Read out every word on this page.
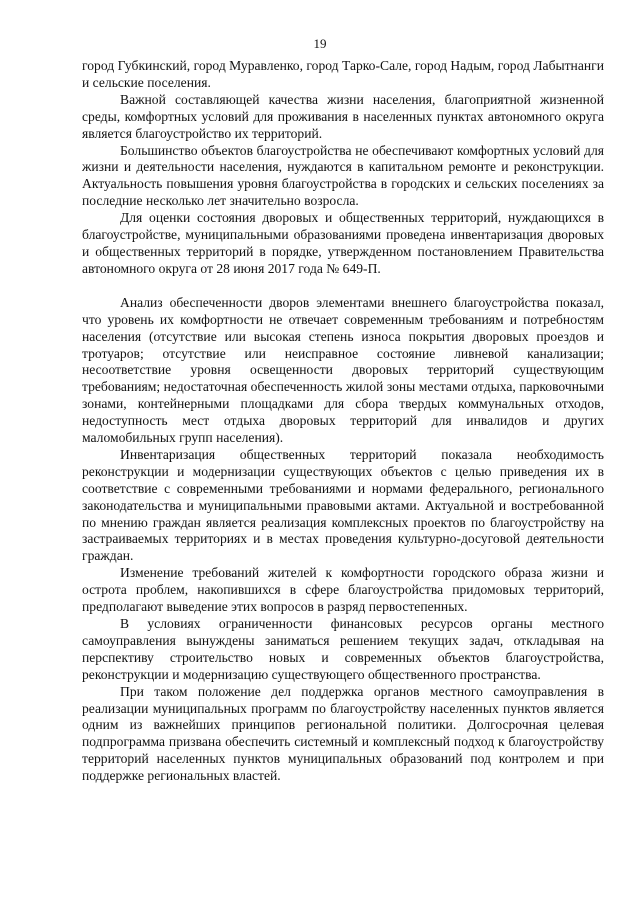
19

город Губкинский, город Муравленко, город Тарко-Сале, город Надым, город Лабытнанги и сельские поселения.

Важной составляющей качества жизни населения, благоприятной жизненной среды, комфортных условий для проживания в населенных пунктах автономного округа является благоустройство их территорий.

Большинство объектов благоустройства не обеспечивают комфортных условий для жизни и деятельности населения, нуждаются в капитальном ремонте и реконструкции. Актуальность повышения уровня благоустройства в городских и сельских поселениях за последние несколько лет значительно возросла.

Для оценки состояния дворовых и общественных территорий, нуждающихся в благоустройстве, муниципальными образованиями проведена инвентаризация дворовых и общественных территорий в порядке, утвержденном постановлением Правительства автономного округа от 28 июня 2017 года № 649-П.

Анализ обеспеченности дворов элементами внешнего благоустройства показал, что уровень их комфортности не отвечает современным требованиям и потребностям населения (отсутствие или высокая степень износа покрытия дворовых проездов и тротуаров; отсутствие или неисправное состояние ливневой канализации; несоответствие уровня освещенности дворовых территорий существующим требованиям; недостаточная обеспеченность жилой зоны местами отдыха, парковочными зонами, контейнерными площадками для сбора твердых коммунальных отходов, недоступность мест отдыха дворовых территорий для инвалидов и других маломобильных групп населения).

Инвентаризация общественных территорий показала необходимость реконструкции и модернизации существующих объектов с целью приведения их в соответствие с современными требованиями и нормами федерального, регионального законодательства и муниципальными правовыми актами. Актуальной и востребованной по мнению граждан является реализация комплексных проектов по благоустройству на застраиваемых территориях и в местах проведения культурно-досуговой деятельности граждан.

Изменение требований жителей к комфортности городского образа жизни и острота проблем, накопившихся в сфере благоустройства придомовых территорий, предполагают выведение этих вопросов в разряд первостепенных.

В условиях ограниченности финансовых ресурсов органы местного самоуправления вынуждены заниматься решением текущих задач, откладывая на перспективу строительство новых и современных объектов благоустройства, реконструкции и модернизацию существующего общественного пространства.

При таком положение дел поддержка органов местного самоуправления в реализации муниципальных программ по благоустройству населенных пунктов является одним из важнейших принципов региональной политики. Долгосрочная целевая подпрограмма призвана обеспечить системный и комплексный подход к благоустройству территорий населенных пунктов муниципальных образований под контролем и при поддержке региональных властей.
